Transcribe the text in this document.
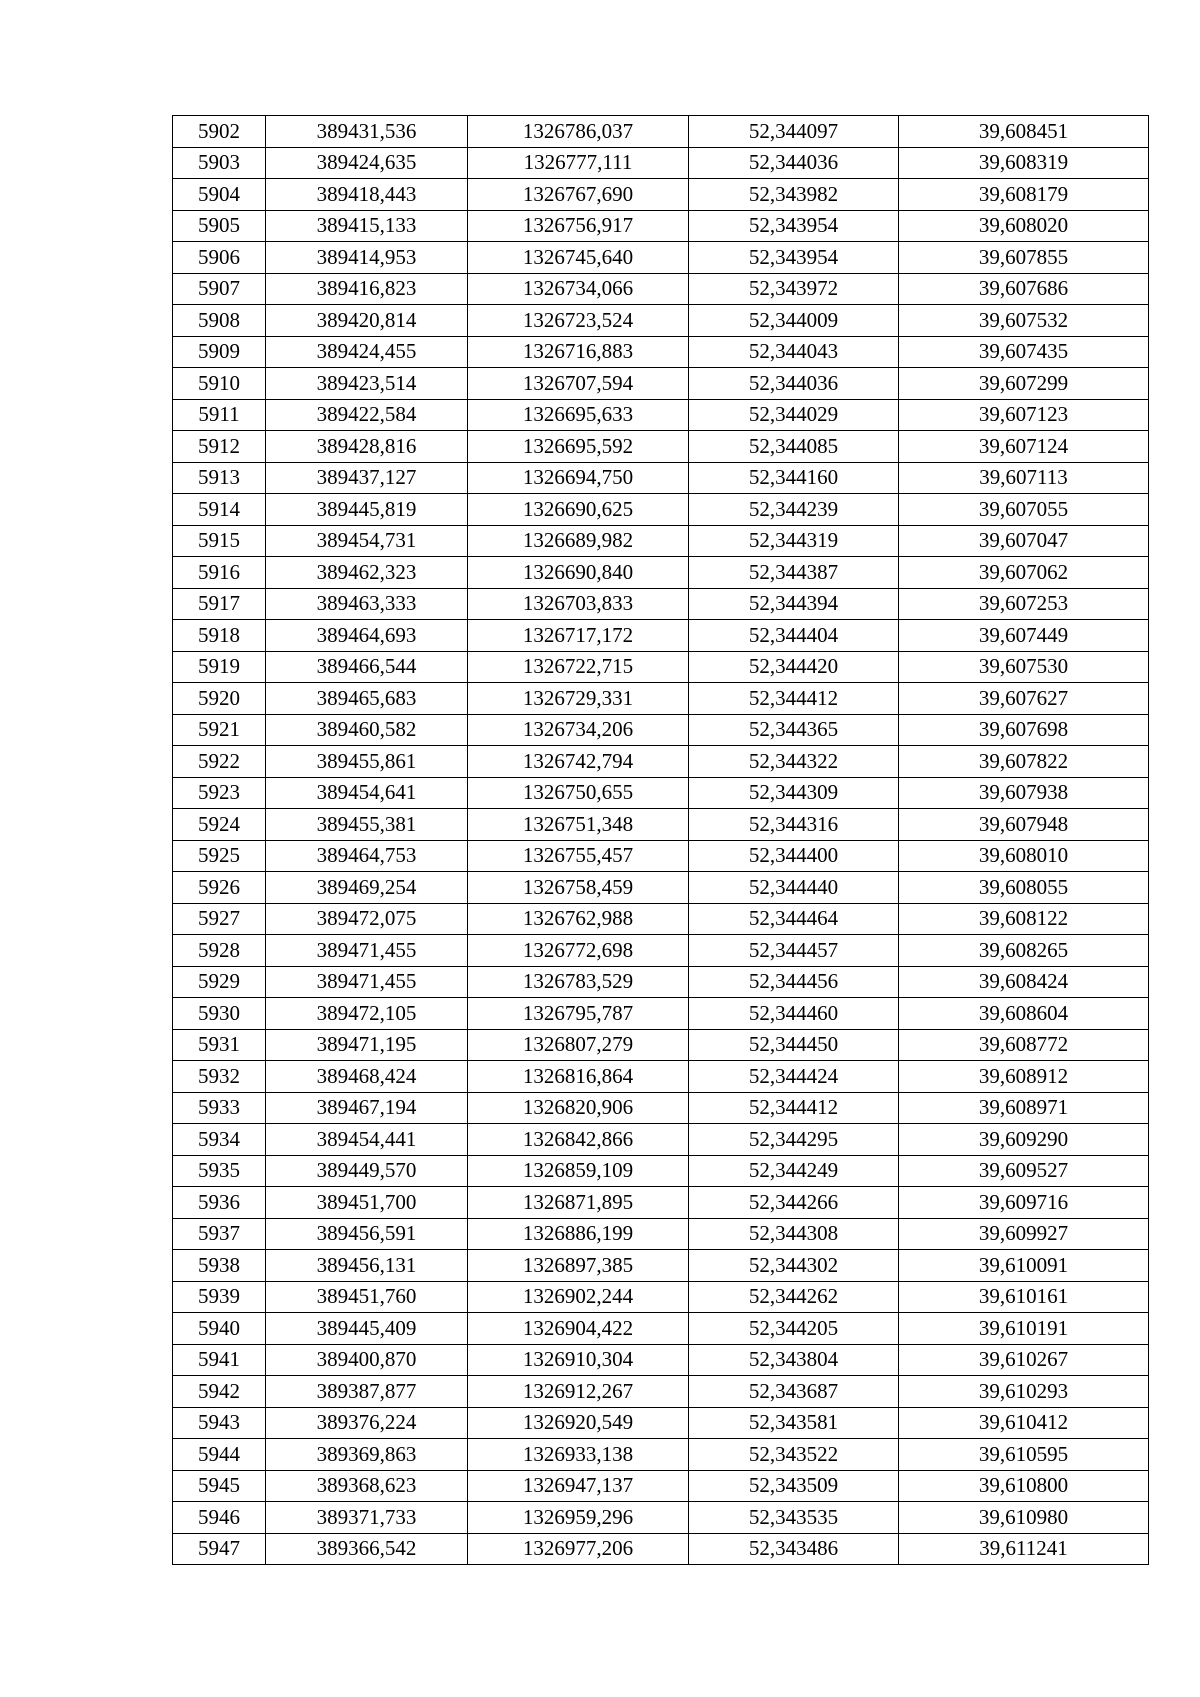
5902	389431,536	1326786,037	52,344097	39,608451
5903	389424,635	1326777,111	52,344036	39,608319
5904	389418,443	1326767,690	52,343982	39,608179
5905	389415,133	1326756,917	52,343954	39,608020
5906	389414,953	1326745,640	52,343954	39,607855
5907	389416,823	1326734,066	52,343972	39,607686
5908	389420,814	1326723,524	52,344009	39,607532
5909	389424,455	1326716,883	52,344043	39,607435
5910	389423,514	1326707,594	52,344036	39,607299
5911	389422,584	1326695,633	52,344029	39,607123
5912	389428,816	1326695,592	52,344085	39,607124
5913	389437,127	1326694,750	52,344160	39,607113
5914	389445,819	1326690,625	52,344239	39,607055
5915	389454,731	1326689,982	52,344319	39,607047
5916	389462,323	1326690,840	52,344387	39,607062
5917	389463,333	1326703,833	52,344394	39,607253
5918	389464,693	1326717,172	52,344404	39,607449
5919	389466,544	1326722,715	52,344420	39,607530
5920	389465,683	1326729,331	52,344412	39,607627
5921	389460,582	1326734,206	52,344365	39,607698
5922	389455,861	1326742,794	52,344322	39,607822
5923	389454,641	1326750,655	52,344309	39,607938
5924	389455,381	1326751,348	52,344316	39,607948
5925	389464,753	1326755,457	52,344400	39,608010
5926	389469,254	1326758,459	52,344440	39,608055
5927	389472,075	1326762,988	52,344464	39,608122
5928	389471,455	1326772,698	52,344457	39,608265
5929	389471,455	1326783,529	52,344456	39,608424
5930	389472,105	1326795,787	52,344460	39,608604
5931	389471,195	1326807,279	52,344450	39,608772
5932	389468,424	1326816,864	52,344424	39,608912
5933	389467,194	1326820,906	52,344412	39,608971
5934	389454,441	1326842,866	52,344295	39,609290
5935	389449,570	1326859,109	52,344249	39,609527
5936	389451,700	1326871,895	52,344266	39,609716
5937	389456,591	1326886,199	52,344308	39,609927
5938	389456,131	1326897,385	52,344302	39,610091
5939	389451,760	1326902,244	52,344262	39,610161
5940	389445,409	1326904,422	52,344205	39,610191
5941	389400,870	1326910,304	52,343804	39,610267
5942	389387,877	1326912,267	52,343687	39,610293
5943	389376,224	1326920,549	52,343581	39,610412
5944	389369,863	1326933,138	52,343522	39,610595
5945	389368,623	1326947,137	52,343509	39,610800
5946	389371,733	1326959,296	52,343535	39,610980
5947	389366,542	1326977,206	52,343486	39,611241
